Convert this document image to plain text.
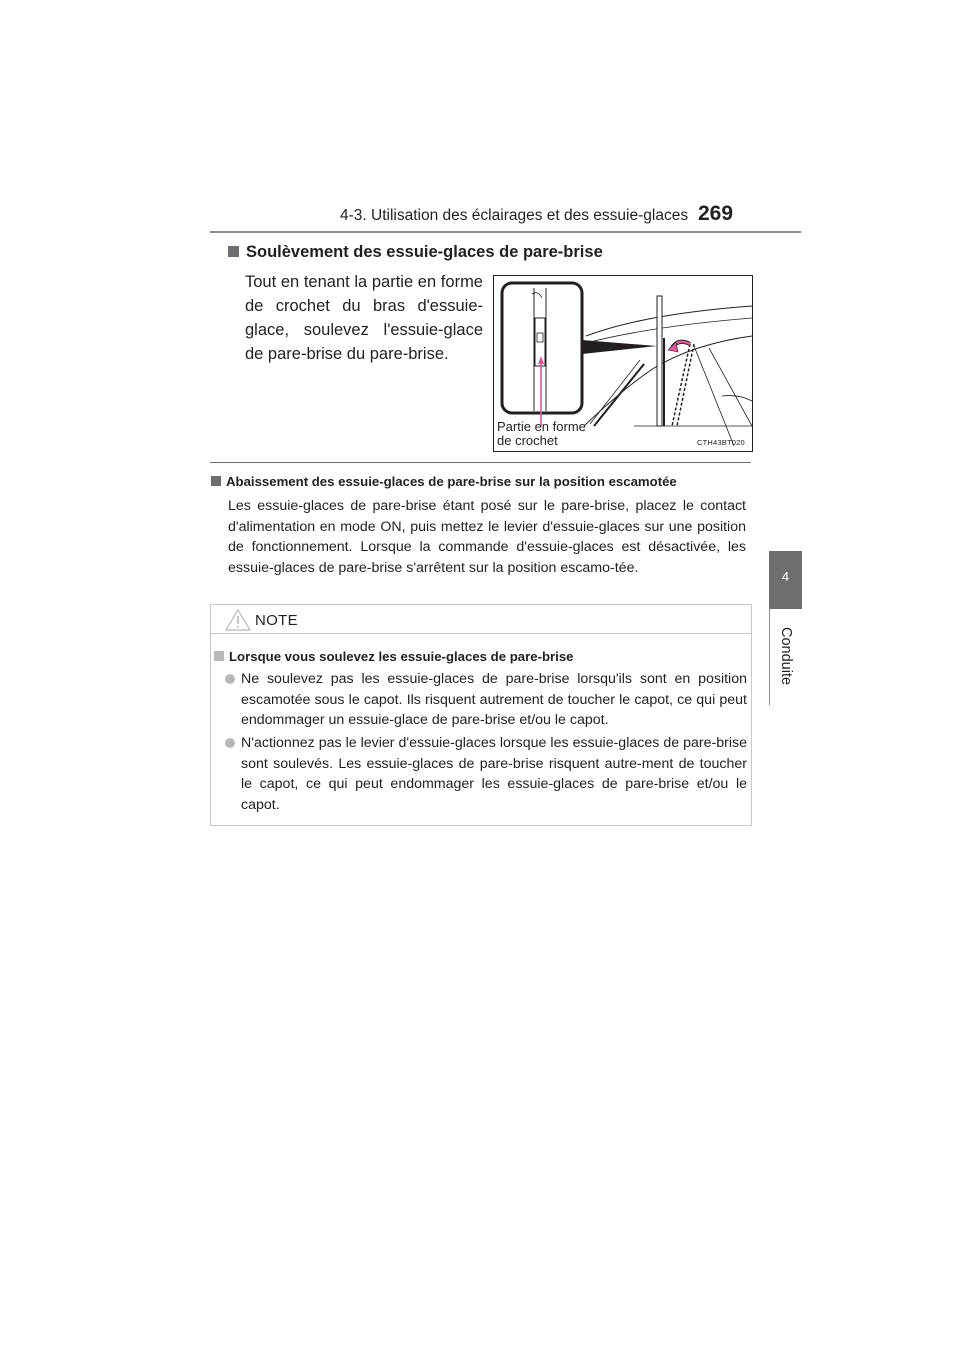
4-3. Utilisation des éclairages et des essuie-glaces 269
4
Conduite
Soulèvement des essuie-glaces de pare-brise
Tout en tenant la partie en forme de crochet du bras d'essuie-glace, soulevez l'essuie-glace de pare-brise du pare-brise.
Partie en forme
de crochet	CTH43BT020
Abaissement des essuie-glaces de pare-brise sur la position escamotée
Les essuie-glaces de pare-brise étant posé sur le pare-brise, placez le contact d'alimentation en mode ON, puis mettez le levier d'essuie-glaces sur une position de fonctionnement. Lorsque la commande d'essuie-glaces est désactivée, les essuie-glaces de pare-brise s'arrêtent sur la position escamo-tée.
NOTE
Lorsque vous soulevez les essuie-glaces de pare-brise
Ne soulevez pas les essuie-glaces de pare-brise lorsqu'ils sont en position escamotée sous le capot. Ils risquent autrement de toucher le capot, ce qui peut endommager un essuie-glace de pare-brise et/ou le capot.
N'actionnez pas le levier d'essuie-glaces lorsque les essuie-glaces de pare-brise sont soulevés. Les essuie-glaces de pare-brise risquent autre-ment de toucher le capot, ce qui peut endommager les essuie-glaces de pare-brise et/ou le capot.
